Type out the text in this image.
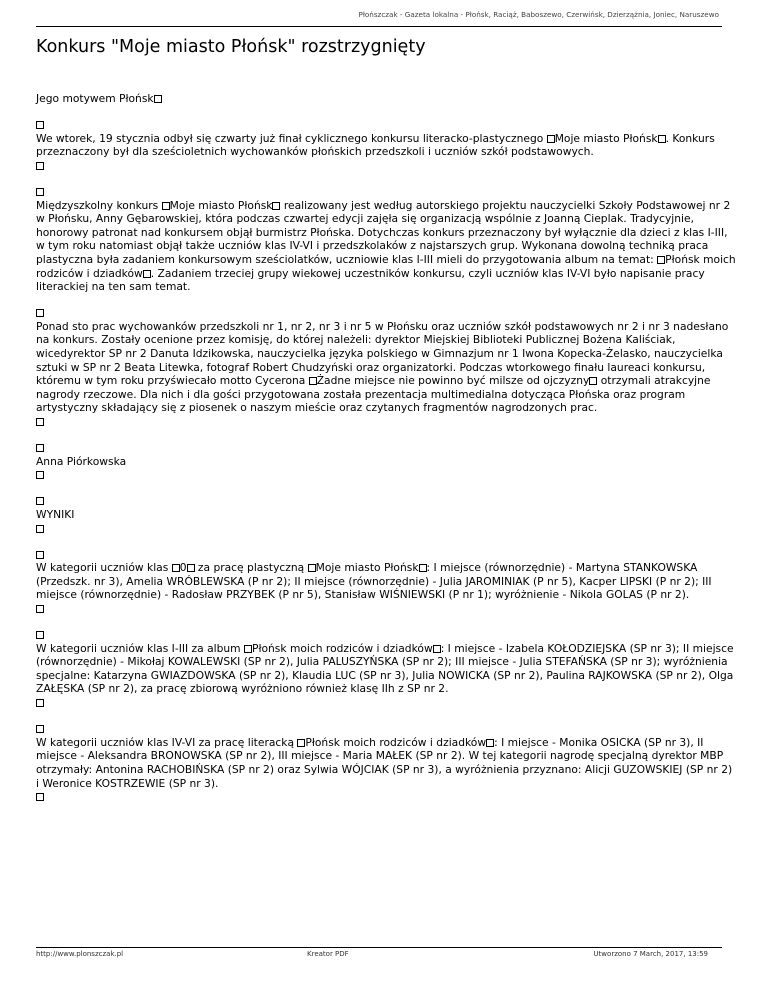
Płońszczak - Gazeta lokalna - Płońsk, Raciąż, Baboszewo, Czerwińsk, Dzierzążnia, Joniec, Naruszewo
Konkurs "Moje miasto Płońsk" rozstrzygnięty

Jego motywem Płońsk

We wtorek, 19 stycznia odbył się czwarty już finał cyklicznego konkursu literacko-plastycznego Moje miasto Płońsk . Konkurs przeznaczony był dla sześcioletnich wychowanków płońskich przedszkoli i uczniów szkół podstawowych.

Międzyszkolny konkurs Moje miasto Płońsk realizowany jest według autorskiego projektu nauczycielki Szkoły Podstawowej nr 2 w Płońsku, Anny Gębarowskiej, która podczas czwartej edycji zajęła się organizacją wspólnie z Joanną Cieplak. Tradycyjnie, honorowy patronat nad konkursem objął burmistrz Płońska. Dotychczas konkurs przeznaczony był wyłącznie dla dzieci z klas I-III, w tym roku natomiast objął także uczniów klas IV-VI i przedszkolaków z najstarszych grup. Wykonana dowolną techniką praca plastyczna była zadaniem konkursowym sześciolatków, uczniowie klas I-III mieli do przygotowania album na temat: Płońsk moich rodziców i dziadków . Zadaniem trzeciej grupy wiekowej uczestników konkursu, czyli uczniów klas IV-VI było napisanie pracy literackiej na ten sam temat.

Ponad sto prac wychowanków przedszkoli nr 1, nr 2, nr 3 i nr 5 w Płońsku oraz uczniów szkół podstawowych nr 2 i nr 3 nadesłano na konkurs. Zostały ocenione przez komisję, do której należeli: dyrektor Miejskiej Biblioteki Publicznej Bożena Kaliściak, wicedyrektor SP nr 2 Danuta Idzikowska, nauczycielka języka polskiego w Gimnazjum nr 1 Iwona Kopecka-Żelasko, nauczycielka sztuki w SP nr 2 Beata Litewka, fotograf Robert Chudzyński oraz organizatorki. Podczas wtorkowego finału laureaci konkursu, któremu w tym roku przyświecało motto Cycerona Żadne miejsce nie powinno być milsze od ojczyzny otrzymali atrakcyjne nagrody rzeczowe. Dla nich i dla gości przygotowana została prezentacja multimedialna dotycząca Płońska oraz program artystyczny składający się z piosenek o naszym mieście oraz czytanych fragmentów nagrodzonych prac.

Anna Piórkowska

WYNIKI

W kategorii uczniów klas 0 za pracę plastyczną Moje miasto Płońsk : I miejsce (równorzędnie) - Martyna STANKOWSKA (Przedszk. nr 3), Amelia WRÓBLEWSKA (P nr 2); II miejsce (równorzędnie) - Julia JAROMINIAK (P nr 5), Kacper LIPSKI (P nr 2); III miejsce (równorzędnie) - Radosław PRZYBEK (P nr 5), Stanisław WIŚNIEWSKI (P nr 1); wyróżnienie - Nikola GOLAS (P nr 2).

W kategorii uczniów klas I-III za album Płońsk moich rodziców i dziadków : I miejsce - Izabela KOŁODZIEJSKA (SP nr 3); II miejsce (równorzędnie) - Mikołaj KOWALEWSKI (SP nr 2), Julia PALUSZYŃSKA (SP nr 2); III miejsce - Julia STEFAŃSKA (SP nr 3); wyróżnienia specjalne: Katarzyna GWIAZDOWSKA (SP nr 2), Klaudia LUC (SP nr 3), Julia NOWICKA (SP nr 2), Paulina RAJKOWSKA (SP nr 2), Olga ZAŁĘSKA (SP nr 2), za pracę zbiorową wyróżniono również klasę IIh z SP nr 2.

W kategorii uczniów klas IV-VI za pracę literacką Płońsk moich rodziców i dziadków : I miejsce - Monika OSICKA (SP nr 3), II miejsce - Aleksandra BRONOWSKA (SP nr 2), III miejsce - Maria MAŁEK (SP nr 2). W tej kategorii nagrodę specjalną dyrektor MBP otrzymały: Antonina RACHOBIŃSKA (SP nr 2) oraz Sylwia WÓJCIAK (SP nr 3), a wyróżnienia przyznano: Alicji GUZOWSKIEJ (SP nr 2) i Weronice KOSTRZEWIE (SP nr 3).

http://www.plonszczak.pl	Kreator PDF	Utworzono 7 March, 2017, 13:59
